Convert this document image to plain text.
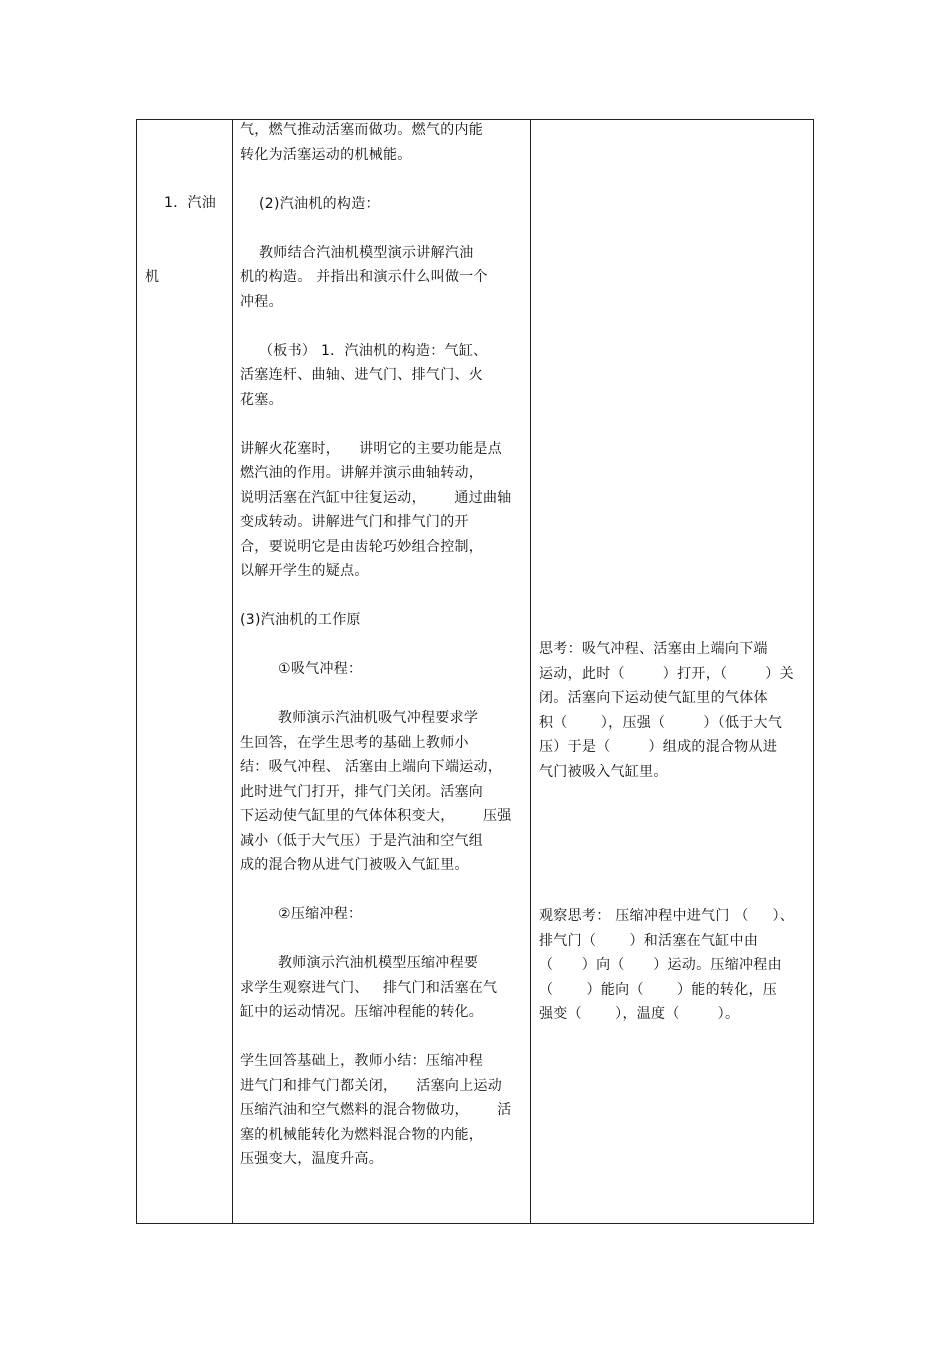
1．汽油

机

气，燃气推动活塞而做功。燃气的内能
转化为活塞运动的机械能。
(2)汽油机的构造：
教师结合汽油机模型演示讲解汽油
机的构造。 并指出和演示什么叫做一个
冲程。
（板书） 1．汽油机的构造：气缸、
活塞连杆、曲轴、进气门、排气门、火
花塞。
讲解火花塞时，    讲明它的主要功能是点
燃汽油的作用。讲解并演示曲轴转动，
说明活塞在汽缸中往复运动，      通过曲轴
变成转动。讲解进气门和排气门的开
合，要说明它是由齿轮巧妙组合控制，
以解开学生的疑点。
(3)汽油机的工作原
①吸气冲程：
教师演示汽油机吸气冲程要求学
生回答，在学生思考的基础上教师小
结：吸气冲程、 活塞由上端向下端运动，
此时进气门打开，排气门关闭。活塞向
下运动使气缸里的气体体积变大，      压强
减小（低于大气压）于是汽油和空气组
成的混合物从进气门被吸入气缸里。
②压缩冲程：
教师演示汽油机模型压缩冲程要
求学生观察进气门、   排气门和活塞在气
缸中的运动情况。压缩冲程能的转化。
学生回答基础上，教师小结：压缩冲程
进气门和排气门都关闭，    活塞向上运动
压缩汽油和空气燃料的混合物做功，      活
塞的机械能转化为燃料混合物的内能，
压强变大，温度升高。
思考：吸气冲程、活塞由上端向下端
运动，此时（        ）打开，（        ）关
闭。活塞向下运动使气缸里的气体体
积（       ），压强（        ）（低于大气
压）于是（        ）组成的混合物从进
气门被吸入气缸里。
观察思考： 压缩冲程中进气门 （     ）、
排气门（       ）和活塞在气缸中由
（      ）向（      ）运动。压缩冲程由
（       ）能向（       ）能的转化，压
强变（       ），温度（        ）。
